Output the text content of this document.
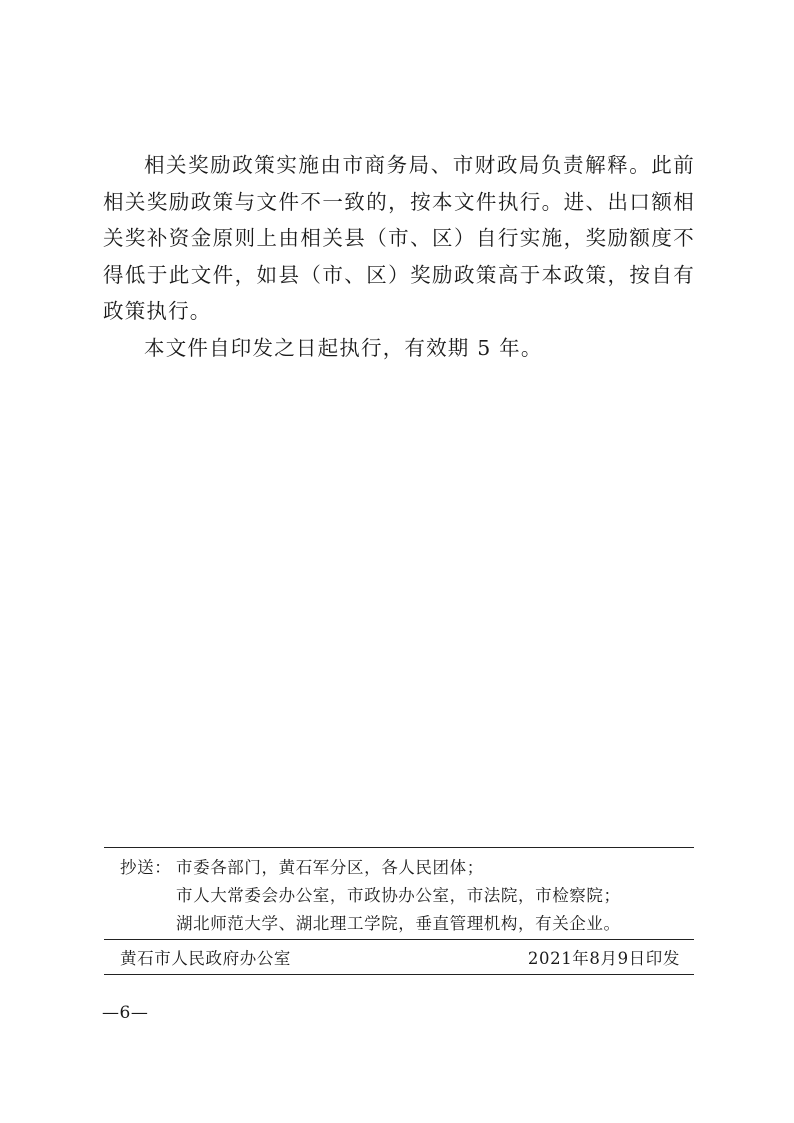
相关奖励政策实施由市商务局、市财政局负责解释。此前相关奖励政策与文件不一致的，按本文件执行。进、出口额相关奖补资金原则上由相关县（市、区）自行实施，奖励额度不得低于此文件，如县（市、区）奖励政策高于本政策，按自有政策执行。

本文件自印发之日起执行，有效期 5 年。

抄送： 市委各部门，黄石军分区，各人民团体；
市人大常委会办公室，市政协办公室，市法院，市检察院；
湖北师范大学、湖北理工学院，垂直管理机构，有关企业。
黄石市人民政府办公室	2021年8月9日印发
—6—
